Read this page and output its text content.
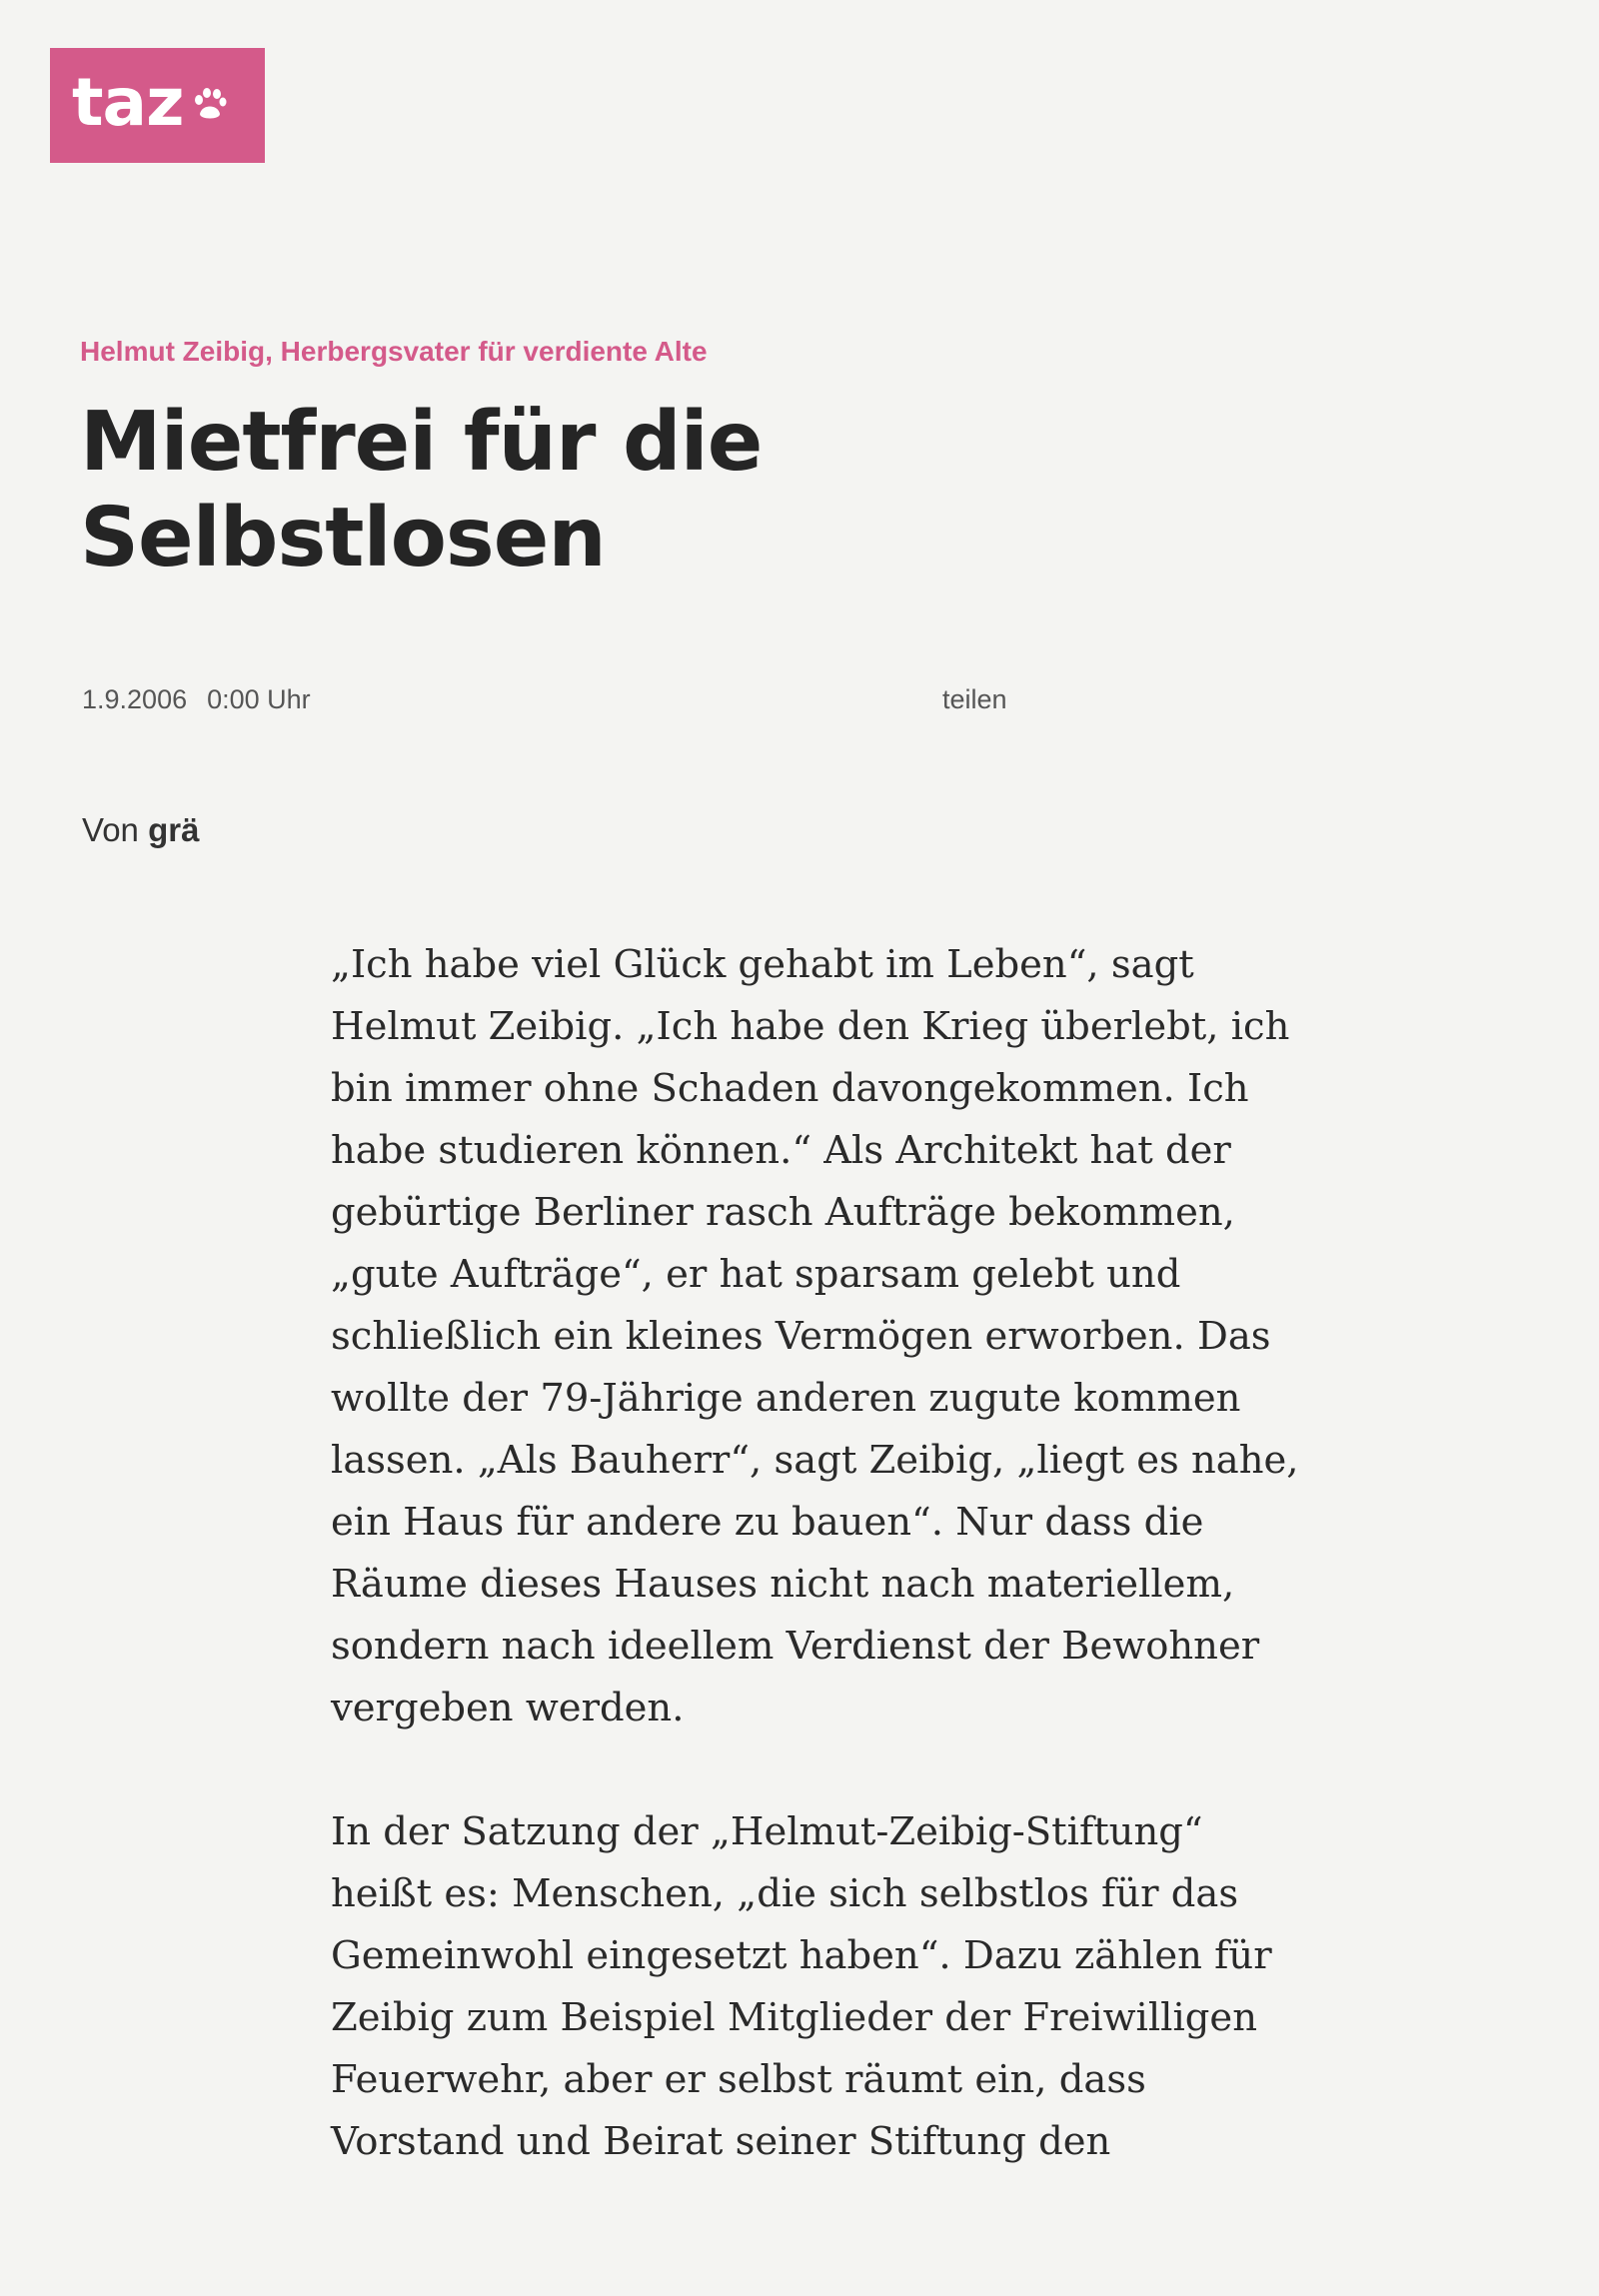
taz
Helmut Zeibig, Herbergsvater für verdiente Alte
Mietfrei für die
Selbstlosen
1.9.2006 0:00 Uhr	teilen
Von grä

„Ich habe viel Glück gehabt im Leben“, sagt
Helmut Zeibig. „Ich habe den Krieg überlebt, ich
bin immer ohne Schaden davongekommen. Ich
habe studieren können.“ Als Architekt hat der
gebürtige Berliner rasch Aufträge bekommen,
„gute Aufträge“, er hat sparsam gelebt und
schließlich ein kleines Vermögen erworben. Das
wollte der 79-Jährige anderen zugute kommen
lassen. „Als Bauherr“, sagt Zeibig, „liegt es nahe,
ein Haus für andere zu bauen“. Nur dass die
Räume dieses Hauses nicht nach materiellem,
sondern nach ideellem Verdienst der Bewohner
vergeben werden.

In der Satzung der „Helmut-Zeibig-Stiftung“
heißt es: Menschen, „die sich selbstlos für das
Gemeinwohl eingesetzt haben“. Dazu zählen für
Zeibig zum Beispiel Mitglieder der Freiwilligen
Feuerwehr, aber er selbst räumt ein, dass
Vorstand und Beirat seiner Stiftung den
